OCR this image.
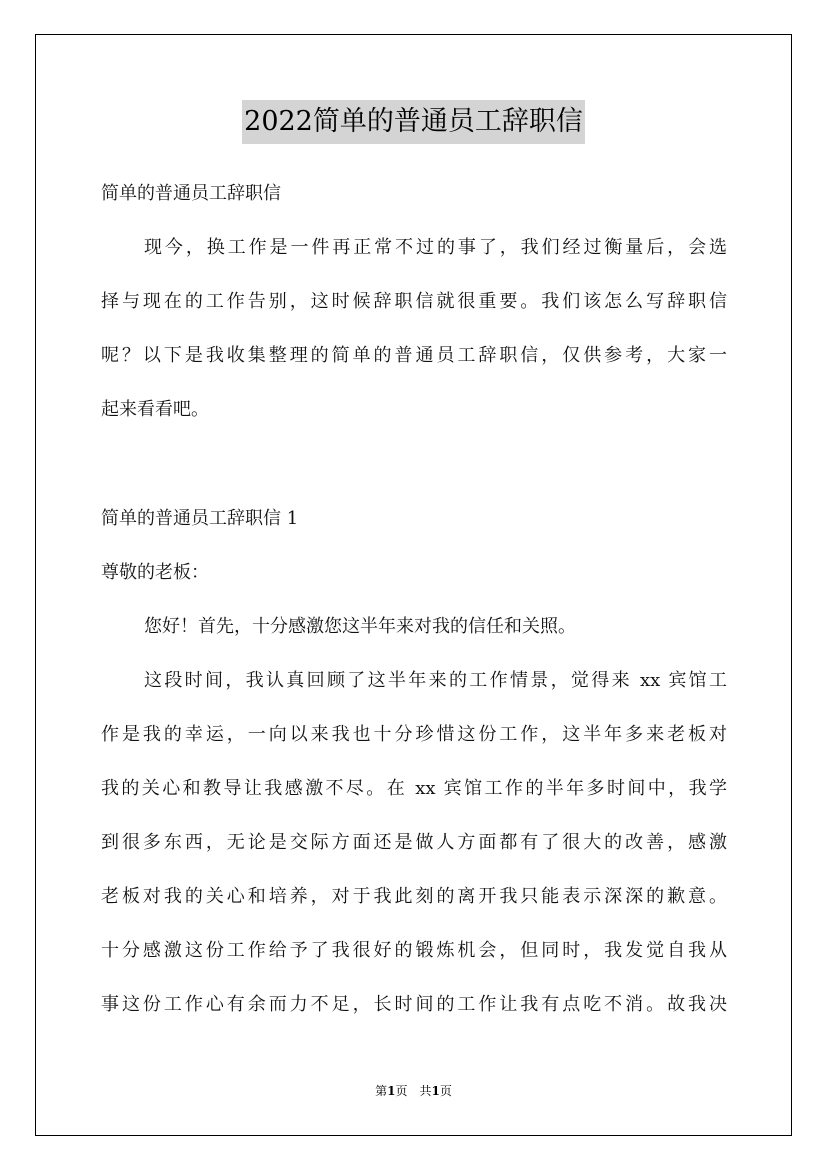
2022简单的普通员工辞职信
简单的普通员工辞职信
现今，换工作是一件再正常不过的事了，我们经过衡量后，会选
择与现在的工作告别，这时候辞职信就很重要。我们该怎么写辞职信
呢？以下是我收集整理的简单的普通员工辞职信，仅供参考，大家一
起来看看吧。
简单的普通员工辞职信 1
尊敬的老板：
您好！首先，十分感激您这半年来对我的信任和关照。
这段时间，我认真回顾了这半年来的工作情景，觉得来 xx 宾馆工
作是我的幸运，一向以来我也十分珍惜这份工作，这半年多来老板对
我的关心和教导让我感激不尽。在 xx 宾馆工作的半年多时间中，我学
到很多东西，无论是交际方面还是做人方面都有了很大的改善，感激
老板对我的关心和培养，对于我此刻的离开我只能表示深深的歉意。
十分感激这份工作给予了我很好的锻炼机会，但同时，我发觉自我从
事这份工作心有余而力不足，长时间的工作让我有点吃不消。故我决
第1页　共1页
